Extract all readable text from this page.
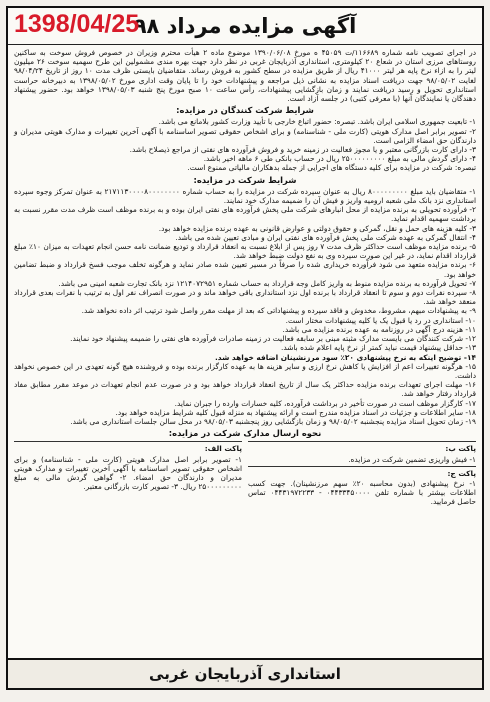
1398/04/25
آگهی مزایده مرداد ۹۸

در اجرای تصویب نامه شماره ۱۱۶۶۸۹/ت ۴۵۰۵۹ ه مورخ ۱۳۹۰/۰۶/۰۸ موضوع ماده ۲ هیأت محترم وزیران در خصوص فروش سوخت به ساکنین روستاهای مرزی استان در شعاع ۲۰ کیلومتری، استانداری آذربایجان غربی در نظر دارد جهت بهره مندی مشمولین این طرح سهمیه سوخت ۲۶ میلیون لیتر را به ازاء نرخ پایه هر لیتر ۴۱۰۰۰ ریال از طریق مزایده در سطح کشور به فروش رساند. متقاضیان بایستی ظرف مدت ۱۰ روز از تاریخ ۹۸/۰۴/۲۴ لغایت ۹۸/۰۵/۰۲ جهت دریافت اسناد مزایده به نشانی ذیل مراجعه و پیشنهادات خود را تا پایان وقت اداری مورخ ۱۳۹۸/۰۵/۰۲ به دبیرخانه حراست استانداری تحویل و رسید دریافت نمایند و زمان بازگشایی پیشنهادات، رأس ساعت ۱۰ صبح مورخ پنج شنبه ۱۳۹۸/۰۵/۰۳ خواهد بود. حضور پیشنهاد دهندگان یا نمایندگان آنها (با معرفی کتبی) در جلسه آزاد است.

شرایط شرکت کنندگان در مزایده:

۱- تابعیت جمهوری اسلامی ایران باشد. تبصره: حضور اتباع خارجی با تأیید وزارت کشور بلامانع می باشد.

۲- تصویر برابر اصل مدارک هویتی (کارت ملی - شناسنامه) و برای اشخاص حقوقی تصویر اساسنامه با آگهی آخرین تغییرات و مدارک هویتی مدیران و دارندگان حق امضاء الزامی است.

۳- دارای کارت بازرگانی معتبر و یا مجوز فعالیت در زمینه خرید و فروش فرآورده های نفتی از مراجع ذیصلاح باشد.

۴- دارای گردش مالی به مبلغ ۲۵۰۰۰۰۰۰۰۰۰ ریال در حساب بانکی طی ۶ ماهه اخیر باشد.

تبصره: شرکت در مزایده برای کلیه دستگاه های اجرایی از جمله بدهکاران مالیاتی ممنوع است.

شرایط شرکت در مزایده:

۱- متقاضیان باید مبلغ ۸۰۰۰۰۰۰۰۰۰ ریال به عنوان سپرده شرکت در مزایده را به حساب شماره ۲۱۷۱۱۳۰۰۰۰۸۰۰۰۰۰۰۰۰ به عنوان تمرکز وجوه سپرده استانداری نزد بانک ملی شعبه ارومیه واریز و فیش آن را ضمیمه مدارک خود نمایند.

۲- فرآورده تحویلی به برنده مزایده از محل انبارهای شرکت ملی پخش فرآورده های نفتی ایران بوده و به برنده موظف است ظرف مدت مقرر نسبت به برداشت سهمیه اقدام نماید.

۳- کلیه هزینه های حمل و نقل، گمرکی و حقوق دولتی و عوارض قانونی به عهده برنده مزایده خواهد بود.

۴- انتقال گمرکی به عهده شرکت ملی پخش فرآورده های نفتی ایران و مبادی تعیین شده می باشد.

۵- برنده مزایده موظف است حداکثر ظرف مدت ۷ روز پس از ابلاغ نسبت به انعقاد قرارداد و تودیع ضمانت نامه حسن انجام تعهدات به میزان ۱۰٪ مبلغ قرارداد اقدام نماید، در غیر این صورت سپرده وی به نفع دولت ضبط خواهد شد.

۶- برنده مزایده متعهد می شود فرآورده خریداری شده را صرفاً در مسیر تعیین شده صادر نماید و هرگونه تخلف موجب فسخ قرارداد و ضبط تضامین خواهد بود.

۷- تحویل فرآورده به برنده مزایده منوط به واریز کامل وجه قرارداد به حساب شماره ۱۲۱۴۰۷۲۹۵۱ نزد بانک تجارت شعبه امینی می باشد.

۸- سپرده نفرات دوم و سوم تا انعقاد قرارداد با برنده اول نزد استانداری باقی خواهد ماند و در صورت انصراف نفر اول به ترتیب با نفرات بعدی قرارداد منعقد خواهد شد.

۹- به پیشنهادات مبهم، مشروط، مخدوش و فاقد سپرده و پیشنهاداتی که بعد از مهلت مقرر واصل شود ترتیب اثر داده نخواهد شد.

۱۰- استانداری در رد یا قبول یک یا کلیه پیشنهادات مختار است.

۱۱- هزینه درج آگهی در روزنامه به عهده برنده مزایده می باشد.

۱۲- شرکت کنندگان می بایست مدارک مثبته مبنی بر سابقه فعالیت در زمینه صادرات فرآورده های نفتی را ضمیمه پیشنهاد خود نمایند.

۱۳- حداقل پیشنهاد قیمت نباید کمتر از نرخ پایه اعلام شده باشد.

۱۴- توضیح اینکه به نرخ پیشنهادی ۲۰٪ سود مرزنشینان اضافه خواهد شد.

۱۵- هرگونه تغییرات اعم از افزایش یا کاهش نرخ ارزی و سایر هزینه ها به عهده کارگزار برنده بوده و فروشنده هیچ گونه تعهدی در این خصوص نخواهد داشت.

۱۶- مهلت اجرای تعهدات برنده مزایده حداکثر یک سال از تاریخ انعقاد قرارداد خواهد بود و در صورت عدم انجام تعهدات در موعد مقرر مطابق مفاد قرارداد رفتار خواهد شد.

۱۷- کارگزار موظف است در صورت تأخیر در برداشت فرآورده، کلیه خسارات وارده را جبران نماید.

۱۸- سایر اطلاعات و جزئیات در اسناد مزایده مندرج است و ارائه پیشنهاد به منزله قبول کلیه شرایط مزایده خواهد بود.

۱۹- زمان تحویل اسناد مزایده پنجشنبه ۹۸/۰۵/۰۲ و زمان بازگشایی روز پنجشنبه ۹۸/۰۵/۰۳ در محل سالن جلسات استانداری می باشد.

نحوه ارسال مدارک شرکت در مزایده:
پاکت الف:
۱- تصویر برابر اصل مدارک هویتی (کارت ملی - شناسنامه) و برای اشخاص حقوقی تصویر اساسنامه با آگهی آخرین تغییرات و مدارک هویتی مدیران و دارندگان حق امضاء. ۲- گواهی گردش مالی به مبلغ ۲۵۰۰۰۰۰۰۰۰۰ ریال. ۳- تصویر کارت بازرگانی معتبر.
پاکت ب:
۱- فیش واریزی تضمین شرکت در مزایده.
پاکت ج:
۱- نرخ پیشنهادی (بدون محاسبه ۲۰٪ سهم مرزنشینان). جهت کسب اطلاعات بیشتر با شماره تلفن ۰۴۴۳۳۴۵۰۰۰۰ - ۰۴۴۳۱۹۷۲۲۳۳ تماس حاصل فرمایید.
استانداری آذربایجان غربی
